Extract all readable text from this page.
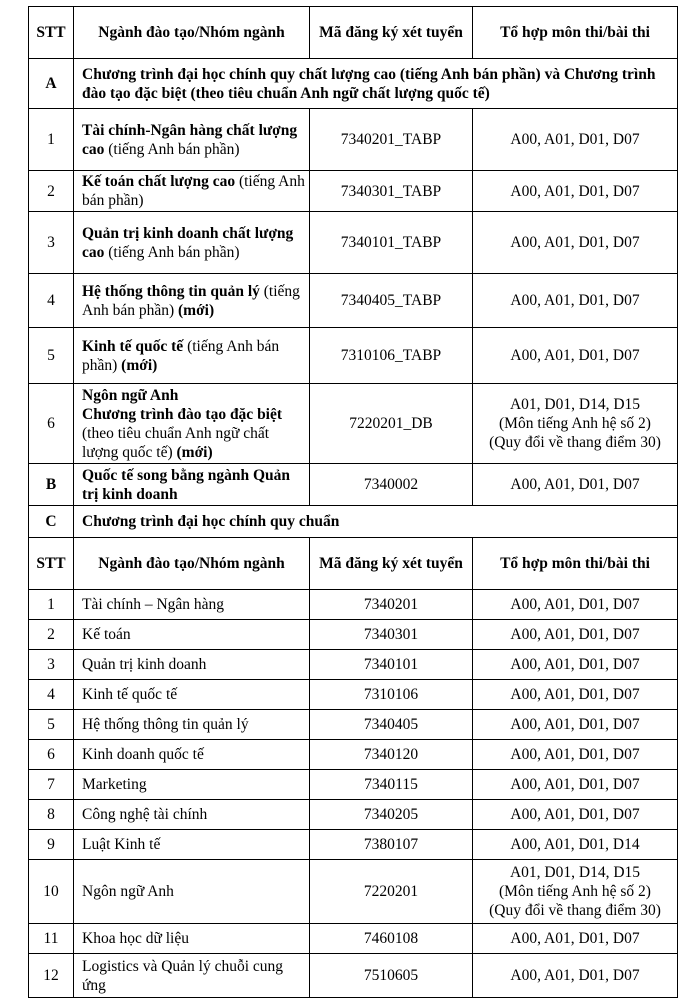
STT	Ngành đào tạo/Nhóm ngành	Mã đăng ký xét tuyển	Tổ hợp môn thi/bài thi
A	Chương trình đại học chính quy chất lượng cao (tiếng Anh bán phần) và Chương trình đào tạo đặc biệt (theo tiêu chuẩn Anh ngữ chất lượng quốc tế)		
1	Tài chính-Ngân hàng chất lượng cao (tiếng Anh bán phần)	7340201_TABP	A00, A01, D01, D07
2	Kế toán chất lượng cao (tiếng Anh bán phần)	7340301_TABP	A00, A01, D01, D07
3	Quản trị kinh doanh chất lượng cao (tiếng Anh bán phần)	7340101_TABP	A00, A01, D01, D07
4	Hệ thống thông tin quản lý (tiếng Anh bán phần) (mới)	7340405_TABP	A00, A01, D01, D07
5	Kinh tế quốc tế (tiếng Anh bán phần) (mới)	7310106_TABP	A00, A01, D01, D07
6	Ngôn ngữ Anh
Chương trình đào tạo đặc biệt (theo tiêu chuẩn Anh ngữ chất lượng quốc tế) (mới)	7220201_DB	A01, D01, D14, D15
(Môn tiếng Anh hệ số 2)
(Quy đổi về thang điểm 30)
B	Quốc tế song bằng ngành Quản trị kinh doanh	7340002	A00, A01, D01, D07
C	Chương trình đại học chính quy chuẩn		
STT	Ngành đào tạo/Nhóm ngành	Mã đăng ký xét tuyển	Tổ hợp môn thi/bài thi
1	Tài chính – Ngân hàng	7340201	A00, A01, D01, D07
2	Kế toán	7340301	A00, A01, D01, D07
3	Quản trị kinh doanh	7340101	A00, A01, D01, D07
4	Kinh tế quốc tế	7310106	A00, A01, D01, D07
5	Hệ thống thông tin quản lý	7340405	A00, A01, D01, D07
6	Kinh doanh quốc tế	7340120	A00, A01, D01, D07
7	Marketing	7340115	A00, A01, D01, D07
8	Công nghệ tài chính	7340205	A00, A01, D01, D07
9	Luật Kinh tế	7380107	A00, A01, D01, D14
10	Ngôn ngữ Anh	7220201	A01, D01, D14, D15
(Môn tiếng Anh hệ số 2)
(Quy đổi về thang điểm 30)
11	Khoa học dữ liệu	7460108	A00, A01, D01, D07
12	Logistics và Quản lý chuỗi cung ứng	7510605	A00, A01, D01, D07
